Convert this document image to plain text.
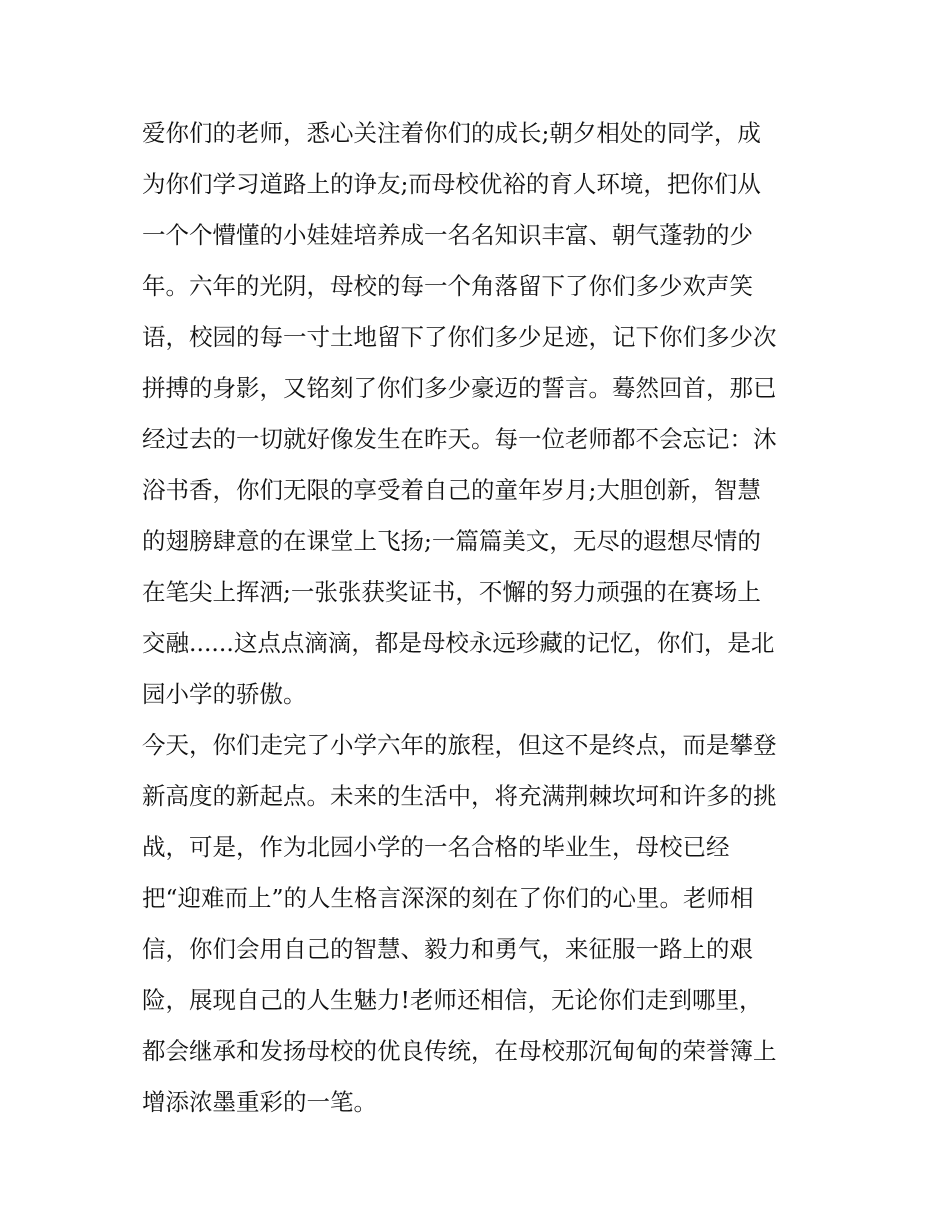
爱你们的老师，悉心关注着你们的成长;朝夕相处的同学，成
为你们学习道路上的诤友;而母校优裕的育人环境，把你们从
一个个懵懂的小娃娃培养成一名名知识丰富、朝气蓬勃的少
年。六年的光阴，母校的每一个角落留下了你们多少欢声笑
语，校园的每一寸土地留下了你们多少足迹，记下你们多少次
拼搏的身影，又铭刻了你们多少豪迈的誓言。蓦然回首，那已
经过去的一切就好像发生在昨天。每一位老师都不会忘记：沐
浴书香，你们无限的享受着自己的童年岁月;大胆创新，智慧
的翅膀肆意的在课堂上飞扬;一篇篇美文，无尽的遐想尽情的
在笔尖上挥洒;一张张获奖证书，不懈的努力顽强的在赛场上
交融......这点点滴滴，都是母校永远珍藏的记忆，你们，是北
园小学的骄傲。
今天，你们走完了小学六年的旅程，但这不是终点，而是攀登
新高度的新起点。未来的生活中，将充满荆棘坎坷和许多的挑
战，可是，作为北园小学的一名合格的毕业生，母校已经
把“迎难而上”的人生格言深深的刻在了你们的心里。老师相
信，你们会用自己的智慧、毅力和勇气，来征服一路上的艰
险，展现自己的人生魅力!老师还相信，无论你们走到哪里，
都会继承和发扬母校的优良传统，在母校那沉甸甸的荣誉簿上
增添浓墨重彩的一笔。
